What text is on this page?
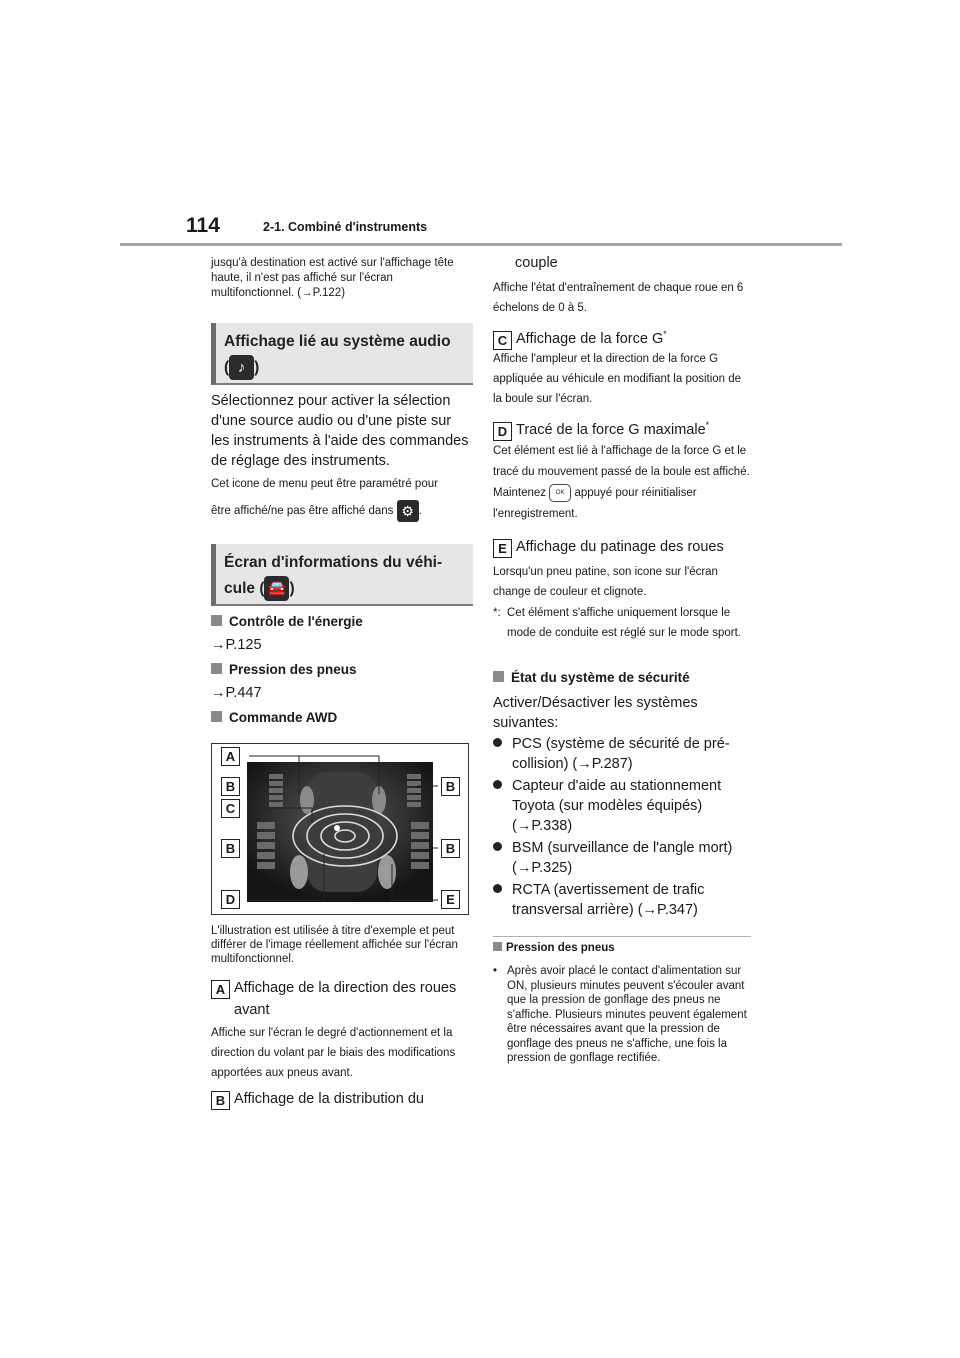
114	2-1. Combiné d'instruments
jusqu'à destination est activé sur l'affichage tête haute, il n'est pas affiché sur l'écran multifonctionnel. (→P.122)
Affichage lié au système audio
( ♪ )
Sélectionnez pour activer la sélection d'une source audio ou d'une piste sur les instruments à l'aide des commandes de réglage des instruments.
Cet icone de menu peut être paramétré pour
être affiché/ne pas être affiché dans ⚙ .
Écran d'informations du véhi-
cule ( 🚘 )
Contrôle de l'énergie
→P.125
Pression des pneus
→P.447
Commande AWD
A
B
C
B
D
B
B
E
L'illustration est utilisée à titre d'exemple et peut différer de l'image réellement affichée sur l'écran multifonctionnel.
A Affichage de la direction des roues
avant
Affiche sur l'écran le degré d'actionnement et la direction du volant par le biais des modifications apportées aux pneus avant.
B Affichage de la distribution du
couple
Affiche l'état d'entraînement de chaque roue en 6 échelons de 0 à 5.
C Affichage de la force G*
Affiche l'ampleur et la direction de la force G appliquée au véhicule en modifiant la position de la boule sur l'écran.
D Tracé de la force G maximale*
Cet élément est lié à l'affichage de la force G et le tracé du mouvement passé de la boule est affiché. Maintenez OK appuyé pour réinitialiser l'enregistrement.
E Affichage du patinage des roues
Lorsqu'un pneu patine, son icone sur l'écran change de couleur et clignote.
*: Cet élément s'affiche uniquement lorsque le mode de conduite est réglé sur le mode sport.
État du système de sécurité
Activer/Désactiver les systèmes suivantes:
PCS (système de sécurité de pré-collision) (→P.287)
Capteur d'aide au stationnement Toyota (sur modèles équipés) (→P.338)
BSM (surveillance de l'angle mort) (→P.325)
RCTA (avertissement de trafic transversal arrière) (→P.347)
Pression des pneus
• Après avoir placé le contact d'alimentation sur ON, plusieurs minutes peuvent s'écouler avant que la pression de gonflage des pneus ne s'affiche. Plusieurs minutes peuvent également être nécessaires avant que la pression de gonflage des pneus ne s'affiche, une fois la pression de gonflage rectifiée.
